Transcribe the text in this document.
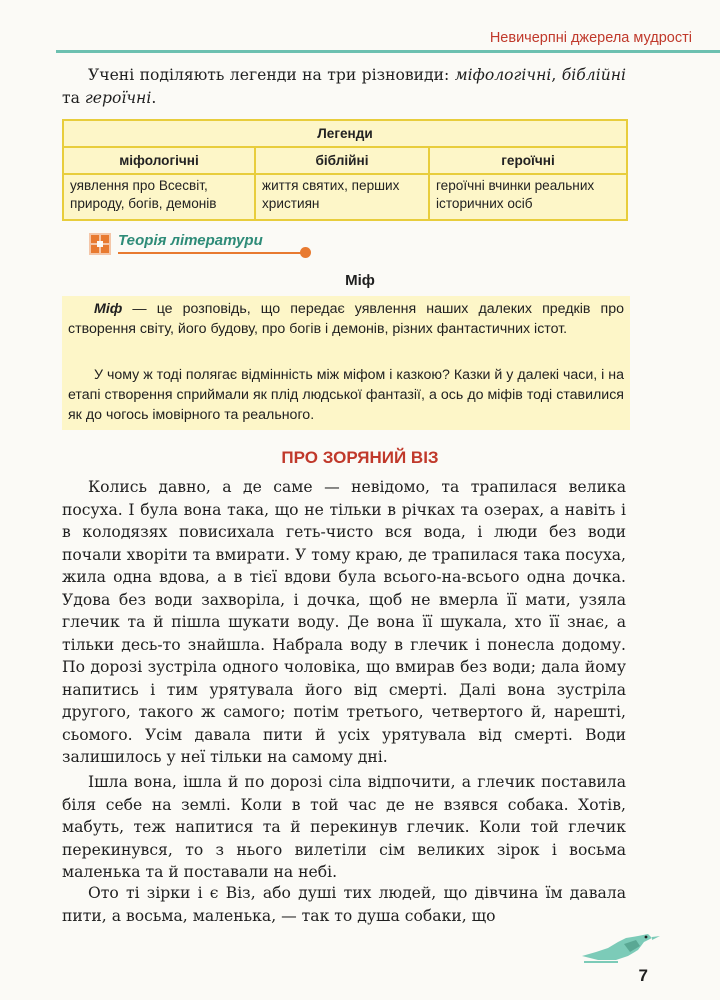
Невичерпні джерела мудрості

Учені поділяють легенди на три різновиди: міфологічні, біблійні та героїчні.

Легенди		
міфологічні	біблійні	героїчні
уявлення про Всесвіт, природу, богів, демонів	життя святих, перших християн	героїчні вчинки реальних історичних осіб
Теорія літератури
Міф

Міф — це розповідь, що передає уявлення наших далеких предків про створення світу, його будову, про богів і демонів, різних фантастичних істот.

У чому ж тоді полягає відмінність між міфом і казкою? Казки й у далекі часи, і на етапі створення сприймали як плід людської фантазії, а ось до міфів тоді ставилися як до чогось імовірного та реального.

ПРО ЗОРЯНИЙ ВІЗ

Колись давно, а де саме — невідомо, та трапилася велика посуха. І була вона така, що не тільки в річках та озерах, а навіть і в колодязях повисихала геть-чисто вся вода, і люди без води почали хворіти та вмирати. У тому краю, де трапилася така посуха, жила одна вдова, а в тієї вдови була всього-на-всього одна дочка. Удова без води захворіла, і дочка, щоб не вмерла її мати, узяла глечик та й пішла шукати воду. Де вона її шукала, хто її знає, а тільки десь-то знайшла. Набрала воду в глечик і понесла додому. По дорозі зустріла одного чоловіка, що вмирав без води; дала йому напитись і тим урятувала його від смерті. Далі вона зустріла другого, такого ж самого; потім третього, четвертого й, нарешті, сьомого. Усім давала пити й усіх урятувала від смерті. Води залишилось у неї тільки на самому дні.

Ішла вона, ішла й по дорозі сіла відпочити, а глечик поставила біля себе на землі. Коли в той час де не взявся собака. Хотів, мабуть, теж напитися та й перекинув глечик. Коли той глечик перекинувся, то з нього вилетіли сім великих зірок і восьма маленька та й поставали на небі.

Ото ті зірки і є Віз, або душі тих людей, що дівчина їм давала пити, а восьма, маленька, — так то душа собаки, що

7
